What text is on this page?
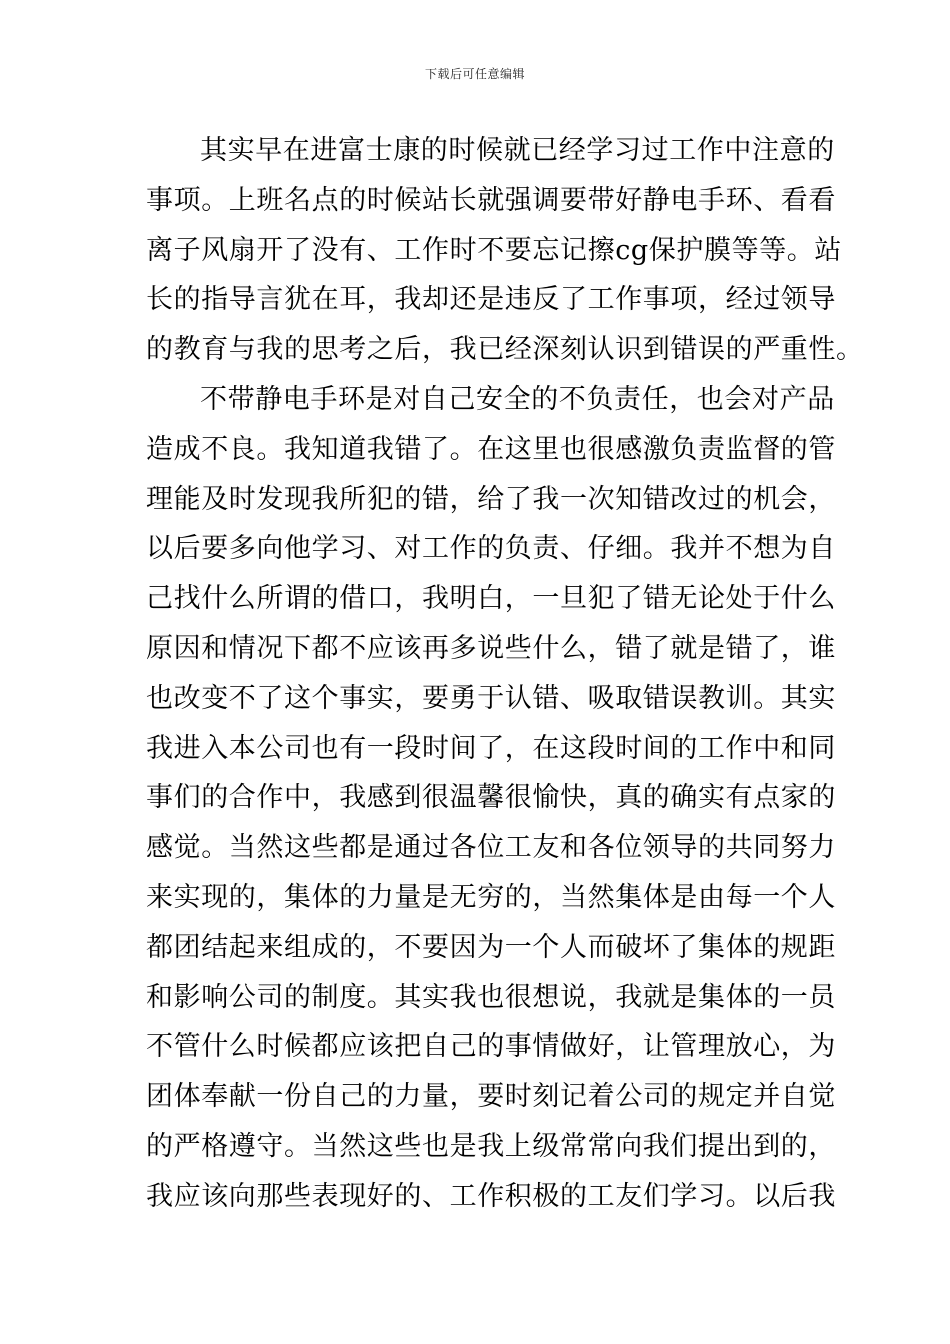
下载后可任意编辑
其实早在进富士康的时候就已经学习过工作中注意的
事项。上班名点的时候站长就强调要带好静电手环、看看
离子风扇开了没有、工作时不要忘记擦cg保护膜等等。站
长的指导言犹在耳，我却还是违反了工作事项，经过领导
的教育与我的思考之后，我已经深刻认识到错误的严重性。
不带静电手环是对自己安全的不负责任，也会对产品
造成不良。我知道我错了。在这里也很感激负责监督的管
理能及时发现我所犯的错，给了我一次知错改过的机会，
以后要多向他学习、对工作的负责、仔细。我并不想为自
己找什么所谓的借口，我明白，一旦犯了错无论处于什么
原因和情况下都不应该再多说些什么，错了就是错了，谁
也改变不了这个事实，要勇于认错、吸取错误教训。其实
我进入本公司也有一段时间了，在这段时间的工作中和同
事们的合作中，我感到很温馨很愉快，真的确实有点家的
感觉。当然这些都是通过各位工友和各位领导的共同努力
来实现的，集体的力量是无穷的，当然集体是由每一个人
都团结起来组成的，不要因为一个人而破坏了集体的规距
和影响公司的制度。其实我也很想说，我就是集体的一员
不管什么时候都应该把自己的事情做好，让管理放心，为
团体奉献一份自己的力量，要时刻记着公司的规定并自觉
的严格遵守。当然这些也是我上级常常向我们提出到的，
我应该向那些表现好的、工作积极的工友们学习。以后我
